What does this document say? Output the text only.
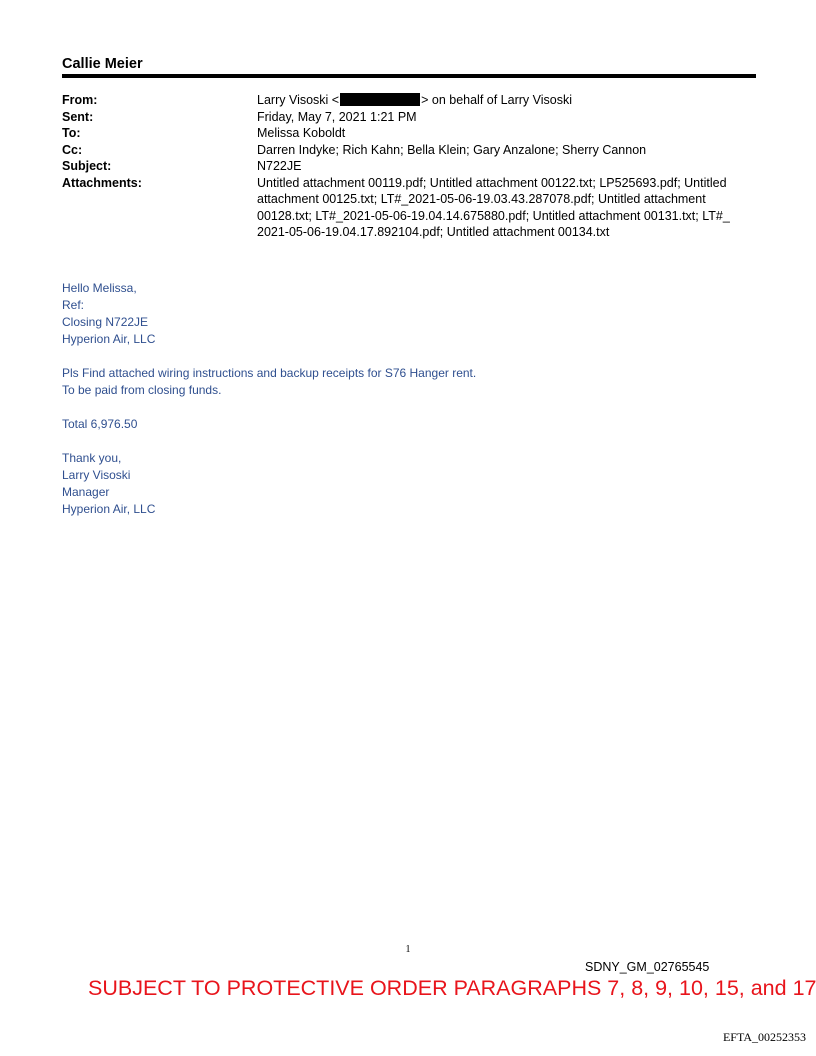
Callie Meier
From:	Larry Visoski <	> on behalf of Larry Visoski
Sent:	Friday, May 7, 2021 1:21 PM
To:	Melissa Koboldt
Cc:	Darren Indyke; Rich Kahn; Bella Klein; Gary Anzalone; Sherry Cannon
Subject:	N722JE
Attachments:	Untitled attachment 00119.pdf; Untitled attachment 00122.txt; LP525693.pdf; Untitled attachment 00125.txt; LT#_2021-05-06-19.03.43.287078.pdf; Untitled attachment 00128.txt; LT#_2021-05-06-19.04.14.675880.pdf; Untitled attachment 00131.txt; LT#_ 2021-05-06-19.04.17.892104.pdf; Untitled attachment 00134.txt

Hello Melissa,
Ref:
Closing N722JE
Hyperion Air, LLC

Pls Find attached wiring instructions and backup receipts for S76 Hanger rent.
To be paid from closing funds.

Total 6,976.50

Thank you,
Larry Visoski
Manager
Hyperion Air, LLC

1
SDNY_GM_02765545
SUBJECT TO PROTECTIVE ORDER PARAGRAPHS 7, 8, 9, 10, 15, and 17
EFTA_00252353
